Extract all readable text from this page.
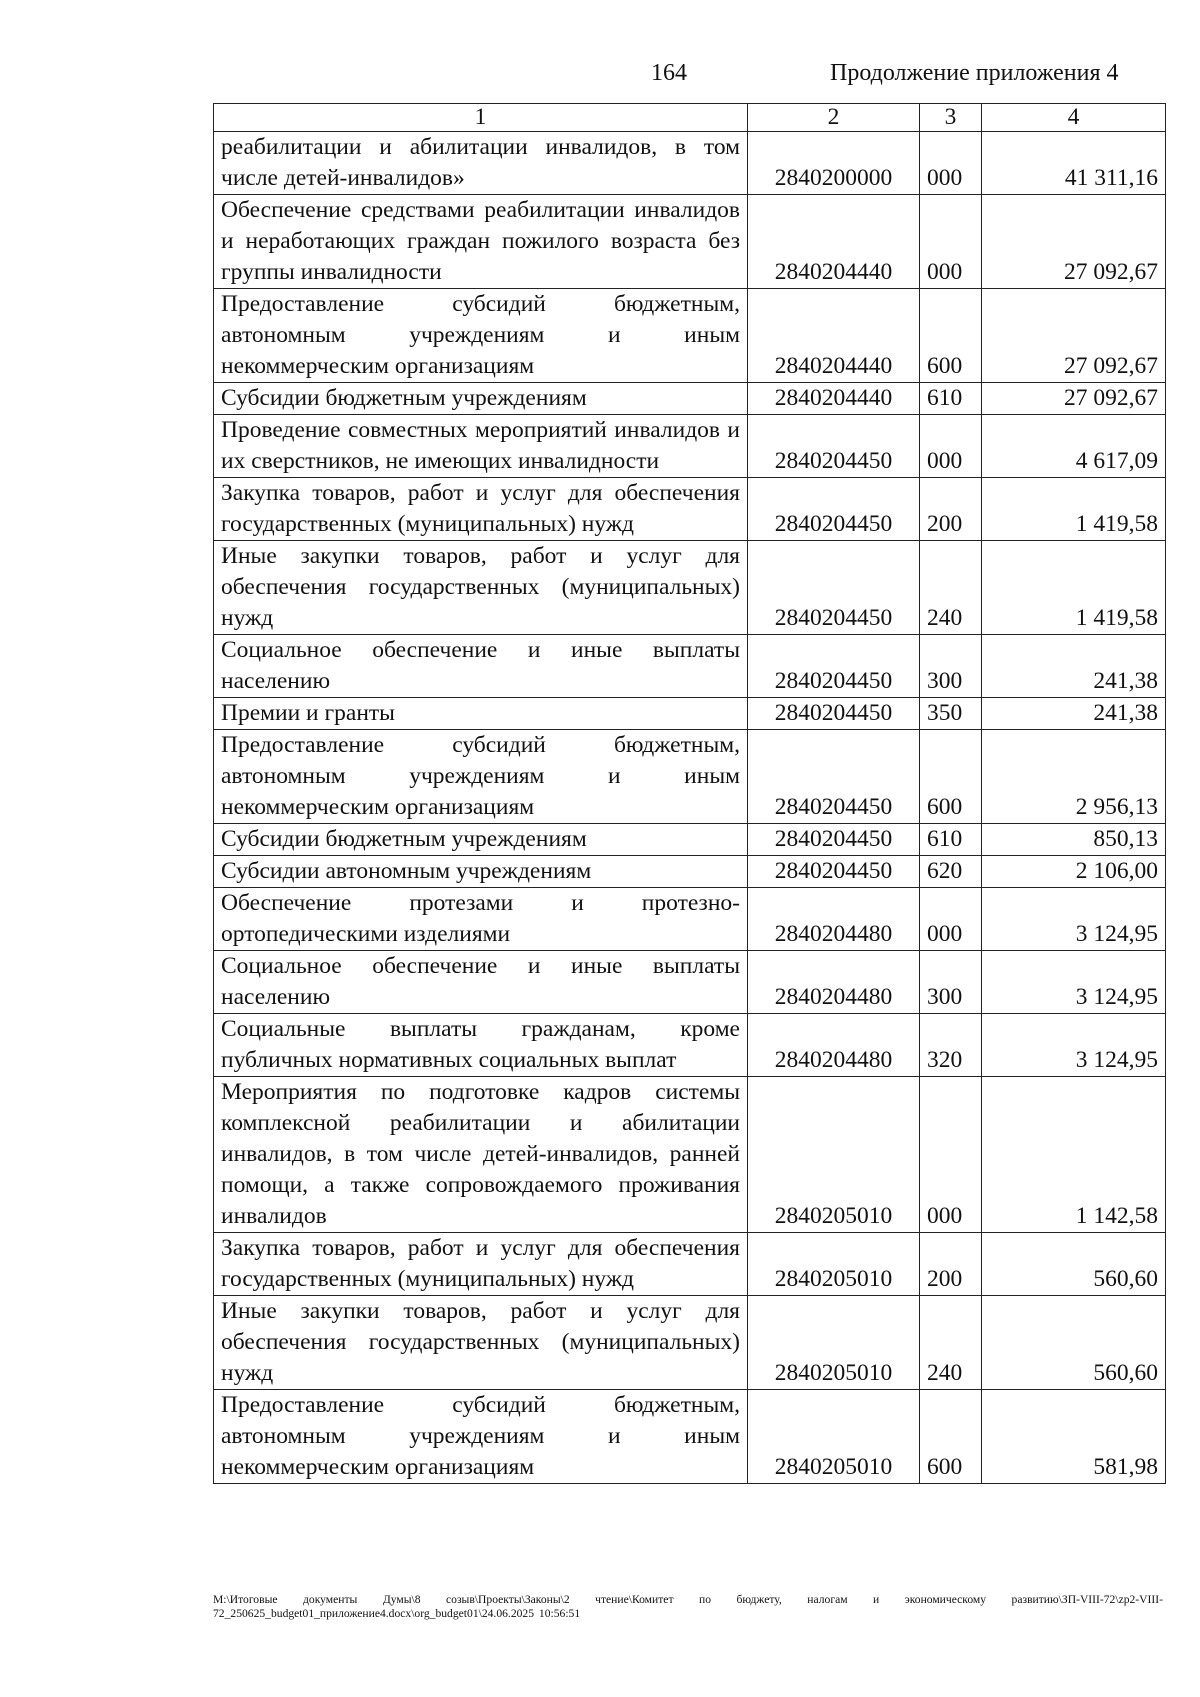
164	Продолжение приложения 4
1	2	3	4
реабилитации и абилитации инвалидов, в том числе детей-инвалидов»	2840200000	000	41 311,16
Обеспечение средствами реабилитации инвалидов и неработающих граждан пожилого возраста без группы инвалидности	2840204440	000	27 092,67
Предоставление субсидий бюджетным, автономным учреждениям и иным некоммерческим организациям	2840204440	600	27 092,67
Субсидии бюджетным учреждениям	2840204440	610	27 092,67
Проведение совместных мероприятий инвалидов и их сверстников, не имеющих инвалидности	2840204450	000	4 617,09
Закупка товаров, работ и услуг для обеспечения государственных (муниципальных) нужд	2840204450	200	1 419,58
Иные закупки товаров, работ и услуг для обеспечения государственных (муниципальных) нужд	2840204450	240	1 419,58
Социальное обеспечение и иные выплаты населению	2840204450	300	241,38
Премии и гранты	2840204450	350	241,38
Предоставление субсидий бюджетным, автономным учреждениям и иным некоммерческим организациям	2840204450	600	2 956,13
Субсидии бюджетным учреждениям	2840204450	610	850,13
Субсидии автономным учреждениям	2840204450	620	2 106,00
Обеспечение протезами и протезно-ортопедическими изделиями	2840204480	000	3 124,95
Социальное обеспечение и иные выплаты населению	2840204480	300	3 124,95
Социальные выплаты гражданам, кроме публичных нормативных социальных выплат	2840204480	320	3 124,95
Мероприятия по подготовке кадров системы комплексной реабилитации и абилитации инвалидов, в том числе детей-инвалидов, ранней помощи, а также сопровождаемого проживания инвалидов	2840205010	000	1 142,58
Закупка товаров, работ и услуг для обеспечения государственных (муниципальных) нужд	2840205010	200	560,60
Иные закупки товаров, работ и услуг для обеспечения государственных (муниципальных) нужд	2840205010	240	560,60
Предоставление субсидий бюджетным, автономным учреждениям и иным некоммерческим организациям	2840205010	600	581,98
M:\Итоговые документы Думы\8 созыв\Проекты\Законы\2 чтение\Комитет по бюджету, налогам и экономическому развитию\ЗП-VIII-72\zp2-VIII-72_250625_budget01_приложение4.docx\org_budget01\24.06.2025 10:56:51
